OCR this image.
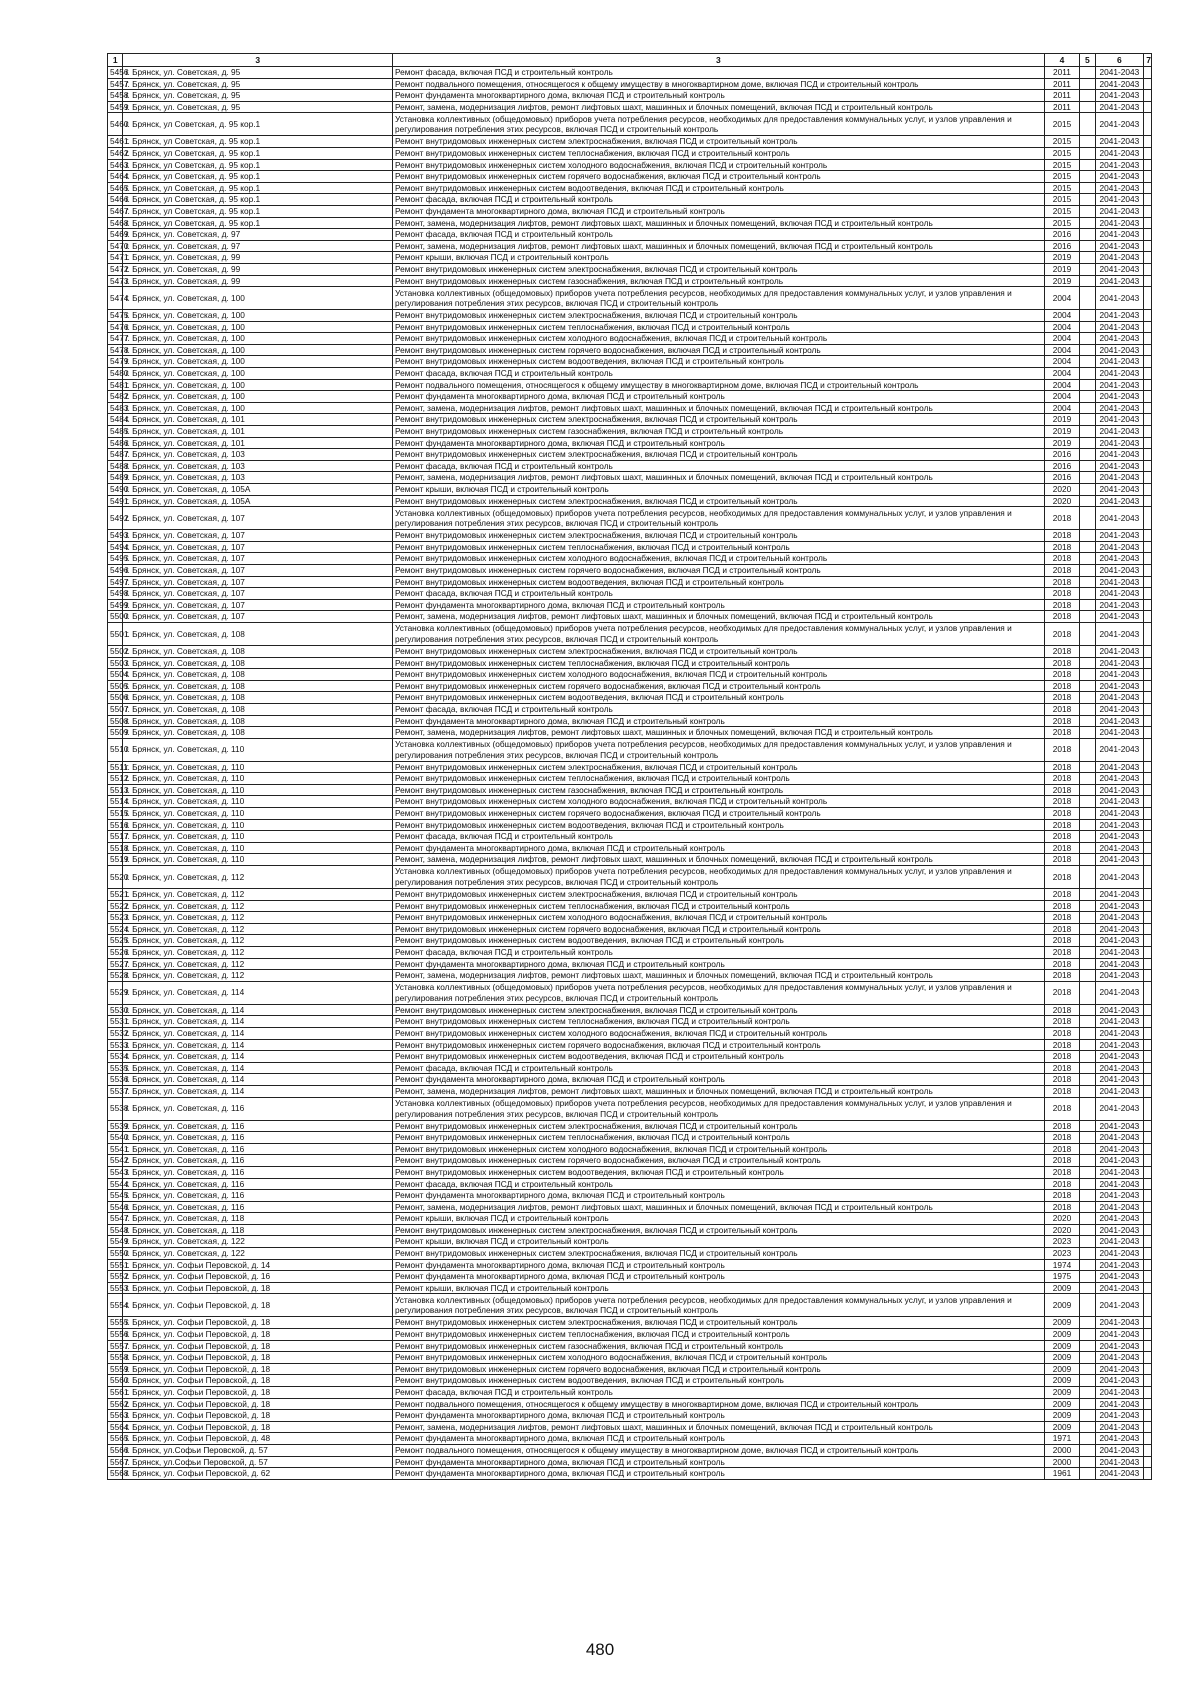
1	3	3	4	5	6	7
5456	г. Брянск, ул. Советская, д. 95	Ремонт фасада, включая ПСД и строительный контроль	2011		2041-2043	
5457	г. Брянск, ул. Советская, д. 95	Ремонт подвального помещения, относящегося к общему имуществу в многоквартирном доме, включая ПСД и строительный контроль	2011		2041-2043	
5458	г. Брянск, ул. Советская, д. 95	Ремонт фундамента многоквартирного дома, включая ПСД и строительный контроль	2011		2041-2043	
5459	г. Брянск, ул. Советская, д. 95	Ремонт, замена, модернизация лифтов, ремонт лифтовых шахт, машинных и блочных помещений, включая ПСД и строительный контроль	2011		2041-2043	
5460	г. Брянск, ул Советская, д. 95 кор.1	Установка коллективных (общедомовых) приборов учета потребления ресурсов, необходимых для предоставления коммунальных услуг, и узлов управления и регулирования потребления этих ресурсов, включая ПСД и строительный контроль	2015		2041-2043	
5461	г. Брянск, ул Советская, д. 95 кор.1	Ремонт внутридомовых инженерных систем электроснабжения, включая ПСД и строительный контроль	2015		2041-2043	
5462	г. Брянск, ул Советская, д. 95 кор.1	Ремонт внутридомовых инженерных систем теплоснабжения, включая ПСД и строительный контроль	2015		2041-2043	
5463	г. Брянск, ул Советская, д. 95 кор.1	Ремонт внутридомовых инженерных систем холодного водоснабжения, включая ПСД и строительный контроль	2015		2041-2043	
5464	г. Брянск, ул Советская, д. 95 кор.1	Ремонт внутридомовых инженерных систем горячего водоснабжения, включая ПСД и строительный контроль	2015		2041-2043	
5465	г. Брянск, ул Советская, д. 95 кор.1	Ремонт внутридомовых инженерных систем водоотведения, включая ПСД и строительный контроль	2015		2041-2043	
5466	г. Брянск, ул Советская, д. 95 кор.1	Ремонт фасада, включая ПСД и строительный контроль	2015		2041-2043	
5467	г. Брянск, ул Советская, д. 95 кор.1	Ремонт фундамента многоквартирного дома, включая ПСД и строительный контроль	2015		2041-2043	
5468	г. Брянск, ул Советская, д. 95 кор.1	Ремонт, замена, модернизация лифтов, ремонт лифтовых шахт, машинных и блочных помещений, включая ПСД и строительный контроль	2015		2041-2043	
5469	г. Брянск, ул. Советская, д. 97	Ремонт фасада, включая ПСД и строительный контроль	2016		2041-2043	
5470	г. Брянск, ул. Советская, д. 97	Ремонт, замена, модернизация лифтов, ремонт лифтовых шахт, машинных и блочных помещений, включая ПСД и строительный контроль	2016		2041-2043	
5471	г. Брянск, ул. Советская, д. 99	Ремонт крыши, включая ПСД и строительный контроль	2019		2041-2043	
5472	г. Брянск, ул. Советская, д. 99	Ремонт внутридомовых инженерных систем электроснабжения, включая ПСД и строительный контроль	2019		2041-2043	
5473	г. Брянск, ул. Советская, д. 99	Ремонт внутридомовых инженерных систем газоснабжения, включая ПСД и строительный контроль	2019		2041-2043	
5474	г. Брянск, ул. Советская, д. 100	Установка коллективных (общедомовых) приборов учета потребления ресурсов, необходимых для предоставления коммунальных услуг, и узлов управления и регулирования потребления этих ресурсов, включая ПСД и строительный контроль	2004		2041-2043	
5475	г. Брянск, ул. Советская, д. 100	Ремонт внутридомовых инженерных систем электроснабжения, включая ПСД и строительный контроль	2004		2041-2043	
5476	г. Брянск, ул. Советская, д. 100	Ремонт внутридомовых инженерных систем теплоснабжения, включая ПСД и строительный контроль	2004		2041-2043	
5477	г. Брянск, ул. Советская, д. 100	Ремонт внутридомовых инженерных систем холодного водоснабжения, включая ПСД и строительный контроль	2004		2041-2043	
5478	г. Брянск, ул. Советская, д. 100	Ремонт внутридомовых инженерных систем горячего водоснабжения, включая ПСД и строительный контроль	2004		2041-2043	
5479	г. Брянск, ул. Советская, д. 100	Ремонт внутридомовых инженерных систем водоотведения, включая ПСД и строительный контроль	2004		2041-2043	
5480	г. Брянск, ул. Советская, д. 100	Ремонт фасада, включая ПСД и строительный контроль	2004		2041-2043	
5481	г. Брянск, ул. Советская, д. 100	Ремонт подвального помещения, относящегося к общему имуществу в многоквартирном доме, включая ПСД и строительный контроль	2004		2041-2043	
5482	г. Брянск, ул. Советская, д. 100	Ремонт фундамента многоквартирного дома, включая ПСД и строительный контроль	2004		2041-2043	
5483	г. Брянск, ул. Советская, д. 100	Ремонт, замена, модернизация лифтов, ремонт лифтовых шахт, машинных и блочных помещений, включая ПСД и строительный контроль	2004		2041-2043	
5484	г. Брянск, ул. Советская, д. 101	Ремонт внутридомовых инженерных систем электроснабжения, включая ПСД и строительный контроль	2019		2041-2043	
5485	г. Брянск, ул. Советская, д. 101	Ремонт внутридомовых инженерных систем газоснабжения, включая ПСД и строительный контроль	2019		2041-2043	
5486	г. Брянск, ул. Советская, д. 101	Ремонт фундамента многоквартирного дома, включая ПСД и строительный контроль	2019		2041-2043	
5487	г. Брянск, ул. Советская, д. 103	Ремонт внутридомовых инженерных систем электроснабжения, включая ПСД и строительный контроль	2016		2041-2043	
5488	г. Брянск, ул. Советская, д. 103	Ремонт фасада, включая ПСД и строительный контроль	2016		2041-2043	
5489	г. Брянск, ул. Советская, д. 103	Ремонт, замена, модернизация лифтов, ремонт лифтовых шахт, машинных и блочных помещений, включая ПСД и строительный контроль	2016		2041-2043	
5490	г. Брянск, ул. Советская, д. 105А	Ремонт крыши, включая ПСД и строительный контроль	2020		2041-2043	
5491	г. Брянск, ул. Советская, д. 105А	Ремонт внутридомовых инженерных систем электроснабжения, включая ПСД и строительный контроль	2020		2041-2043	
5492	г. Брянск, ул. Советская, д. 107	Установка коллективных (общедомовых) приборов учета потребления ресурсов, необходимых для предоставления коммунальных услуг, и узлов управления и регулирования потребления этих ресурсов, включая ПСД и строительный контроль	2018		2041-2043	
5493	г. Брянск, ул. Советская, д. 107	Ремонт внутридомовых инженерных систем электроснабжения, включая ПСД и строительный контроль	2018		2041-2043	
5494	г. Брянск, ул. Советская, д. 107	Ремонт внутридомовых инженерных систем теплоснабжения, включая ПСД и строительный контроль	2018		2041-2043	
5495	г. Брянск, ул. Советская, д. 107	Ремонт внутридомовых инженерных систем холодного водоснабжения, включая ПСД и строительный контроль	2018		2041-2043	
5496	г. Брянск, ул. Советская, д. 107	Ремонт внутридомовых инженерных систем горячего водоснабжения, включая ПСД и строительный контроль	2018		2041-2043	
5497	г. Брянск, ул. Советская, д. 107	Ремонт внутридомовых инженерных систем водоотведения, включая ПСД и строительный контроль	2018		2041-2043	
5498	г. Брянск, ул. Советская, д. 107	Ремонт фасада, включая ПСД и строительный контроль	2018		2041-2043	
5499	г. Брянск, ул. Советская, д. 107	Ремонт фундамента многоквартирного дома, включая ПСД и строительный контроль	2018		2041-2043	
5500	г. Брянск, ул. Советская, д. 107	Ремонт, замена, модернизация лифтов, ремонт лифтовых шахт, машинных и блочных помещений, включая ПСД и строительный контроль	2018		2041-2043	
5501	г. Брянск, ул. Советская, д. 108	Установка коллективных (общедомовых) приборов учета потребления ресурсов, необходимых для предоставления коммунальных услуг, и узлов управления и регулирования потребления этих ресурсов, включая ПСД и строительный контроль	2018		2041-2043	
5502	г. Брянск, ул. Советская, д. 108	Ремонт внутридомовых инженерных систем электроснабжения, включая ПСД и строительный контроль	2018		2041-2043	
5503	г. Брянск, ул. Советская, д. 108	Ремонт внутридомовых инженерных систем теплоснабжения, включая ПСД и строительный контроль	2018		2041-2043	
5504	г. Брянск, ул. Советская, д. 108	Ремонт внутридомовых инженерных систем холодного водоснабжения, включая ПСД и строительный контроль	2018		2041-2043	
5505	г. Брянск, ул. Советская, д. 108	Ремонт внутридомовых инженерных систем горячего водоснабжения, включая ПСД и строительный контроль	2018		2041-2043	
5506	г. Брянск, ул. Советская, д. 108	Ремонт внутридомовых инженерных систем водоотведения, включая ПСД и строительный контроль	2018		2041-2043	
5507	г. Брянск, ул. Советская, д. 108	Ремонт фасада, включая ПСД и строительный контроль	2018		2041-2043	
5508	г. Брянск, ул. Советская, д. 108	Ремонт фундамента многоквартирного дома, включая ПСД и строительный контроль	2018		2041-2043	
5509	г. Брянск, ул. Советская, д. 108	Ремонт, замена, модернизация лифтов, ремонт лифтовых шахт, машинных и блочных помещений, включая ПСД и строительный контроль	2018		2041-2043	
5510	г. Брянск, ул. Советская, д. 110	Установка коллективных (общедомовых) приборов учета потребления ресурсов, необходимых для предоставления коммунальных услуг, и узлов управления и регулирования потребления этих ресурсов, включая ПСД и строительный контроль	2018		2041-2043	
5511	г. Брянск, ул. Советская, д. 110	Ремонт внутридомовых инженерных систем электроснабжения, включая ПСД и строительный контроль	2018		2041-2043	
5512	г. Брянск, ул. Советская, д. 110	Ремонт внутридомовых инженерных систем теплоснабжения, включая ПСД и строительный контроль	2018		2041-2043	
5513	г. Брянск, ул. Советская, д. 110	Ремонт внутридомовых инженерных систем газоснабжения, включая ПСД и строительный контроль	2018		2041-2043	
5514	г. Брянск, ул. Советская, д. 110	Ремонт внутридомовых инженерных систем холодного водоснабжения, включая ПСД и строительный контроль	2018		2041-2043	
5515	г. Брянск, ул. Советская, д. 110	Ремонт внутридомовых инженерных систем горячего водоснабжения, включая ПСД и строительный контроль	2018		2041-2043	
5516	г. Брянск, ул. Советская, д. 110	Ремонт внутридомовых инженерных систем водоотведения, включая ПСД и строительный контроль	2018		2041-2043	
5517	г. Брянск, ул. Советская, д. 110	Ремонт фасада, включая ПСД и строительный контроль	2018		2041-2043	
5518	г. Брянск, ул. Советская, д. 110	Ремонт фундамента многоквартирного дома, включая ПСД и строительный контроль	2018		2041-2043	
5519	г. Брянск, ул. Советская, д. 110	Ремонт, замена, модернизация лифтов, ремонт лифтовых шахт, машинных и блочных помещений, включая ПСД и строительный контроль	2018		2041-2043	
5520	г. Брянск, ул. Советская, д. 112	Установка коллективных (общедомовых) приборов учета потребления ресурсов, необходимых для предоставления коммунальных услуг, и узлов управления и регулирования потребления этих ресурсов, включая ПСД и строительный контроль	2018		2041-2043	
5521	г. Брянск, ул. Советская, д. 112	Ремонт внутридомовых инженерных систем электроснабжения, включая ПСД и строительный контроль	2018		2041-2043	
5522	г. Брянск, ул. Советская, д. 112	Ремонт внутридомовых инженерных систем теплоснабжения, включая ПСД и строительный контроль	2018		2041-2043	
5523	г. Брянск, ул. Советская, д. 112	Ремонт внутридомовых инженерных систем холодного водоснабжения, включая ПСД и строительный контроль	2018		2041-2043	
5524	г. Брянск, ул. Советская, д. 112	Ремонт внутридомовых инженерных систем горячего водоснабжения, включая ПСД и строительный контроль	2018		2041-2043	
5525	г. Брянск, ул. Советская, д. 112	Ремонт внутридомовых инженерных систем водоотведения, включая ПСД и строительный контроль	2018		2041-2043	
5526	г. Брянск, ул. Советская, д. 112	Ремонт фасада, включая ПСД и строительный контроль	2018		2041-2043	
5527	г. Брянск, ул. Советская, д. 112	Ремонт фундамента многоквартирного дома, включая ПСД и строительный контроль	2018		2041-2043	
5528	г. Брянск, ул. Советская, д. 112	Ремонт, замена, модернизация лифтов, ремонт лифтовых шахт, машинных и блочных помещений, включая ПСД и строительный контроль	2018		2041-2043	
5529	г. Брянск, ул. Советская, д. 114	Установка коллективных (общедомовых) приборов учета потребления ресурсов, необходимых для предоставления коммунальных услуг, и узлов управления и регулирования потребления этих ресурсов, включая ПСД и строительный контроль	2018		2041-2043	
5530	г. Брянск, ул. Советская, д. 114	Ремонт внутридомовых инженерных систем электроснабжения, включая ПСД и строительный контроль	2018		2041-2043	
5531	г. Брянск, ул. Советская, д. 114	Ремонт внутридомовых инженерных систем теплоснабжения, включая ПСД и строительный контроль	2018		2041-2043	
5532	г. Брянск, ул. Советская, д. 114	Ремонт внутридомовых инженерных систем холодного водоснабжения, включая ПСД и строительный контроль	2018		2041-2043	
5533	г. Брянск, ул. Советская, д. 114	Ремонт внутридомовых инженерных систем горячего водоснабжения, включая ПСД и строительный контроль	2018		2041-2043	
5534	г. Брянск, ул. Советская, д. 114	Ремонт внутридомовых инженерных систем водоотведения, включая ПСД и строительный контроль	2018		2041-2043	
5535	г. Брянск, ул. Советская, д. 114	Ремонт фасада, включая ПСД и строительный контроль	2018		2041-2043	
5536	г. Брянск, ул. Советская, д. 114	Ремонт фундамента многоквартирного дома, включая ПСД и строительный контроль	2018		2041-2043	
5537	г. Брянск, ул. Советская, д. 114	Ремонт, замена, модернизация лифтов, ремонт лифтовых шахт, машинных и блочных помещений, включая ПСД и строительный контроль	2018		2041-2043	
5538	г. Брянск, ул. Советская, д. 116	Установка коллективных (общедомовых) приборов учета потребления ресурсов, необходимых для предоставления коммунальных услуг, и узлов управления и регулирования потребления этих ресурсов, включая ПСД и строительный контроль	2018		2041-2043	
5539	г. Брянск, ул. Советская, д. 116	Ремонт внутридомовых инженерных систем электроснабжения, включая ПСД и строительный контроль	2018		2041-2043	
5540	г. Брянск, ул. Советская, д. 116	Ремонт внутридомовых инженерных систем теплоснабжения, включая ПСД и строительный контроль	2018		2041-2043	
5541	г. Брянск, ул. Советская, д. 116	Ремонт внутридомовых инженерных систем холодного водоснабжения, включая ПСД и строительный контроль	2018		2041-2043	
5542	г. Брянск, ул. Советская, д. 116	Ремонт внутридомовых инженерных систем горячего водоснабжения, включая ПСД и строительный контроль	2018		2041-2043	
5543	г. Брянск, ул. Советская, д. 116	Ремонт внутридомовых инженерных систем водоотведения, включая ПСД и строительный контроль	2018		2041-2043	
5544	г. Брянск, ул. Советская, д. 116	Ремонт фасада, включая ПСД и строительный контроль	2018		2041-2043	
5545	г. Брянск, ул. Советская, д. 116	Ремонт фундамента многоквартирного дома, включая ПСД и строительный контроль	2018		2041-2043	
5546	г. Брянск, ул. Советская, д. 116	Ремонт, замена, модернизация лифтов, ремонт лифтовых шахт, машинных и блочных помещений, включая ПСД и строительный контроль	2018		2041-2043	
5547	г. Брянск, ул. Советская, д. 118	Ремонт крыши, включая ПСД и строительный контроль	2020		2041-2043	
5548	г. Брянск, ул. Советская, д. 118	Ремонт внутридомовых инженерных систем электроснабжения, включая ПСД и строительный контроль	2020		2041-2043	
5549	г. Брянск, ул. Советская, д. 122	Ремонт крыши, включая ПСД и строительный контроль	2023		2041-2043	
5550	г. Брянск, ул. Советская, д. 122	Ремонт внутридомовых инженерных систем электроснабжения, включая ПСД и строительный контроль	2023		2041-2043	
5551	г. Брянск, ул. Софьи Перовской, д. 14	Ремонт фундамента многоквартирного дома, включая ПСД и строительный контроль	1974		2041-2043	
5552	г. Брянск, ул. Софьи Перовской, д. 16	Ремонт фундамента многоквартирного дома, включая ПСД и строительный контроль	1975		2041-2043	
5553	г. Брянск, ул. Софьи Перовской, д. 18	Ремонт крыши, включая ПСД и строительный контроль	2009		2041-2043	
5554	г. Брянск, ул. Софьи Перовской, д. 18	Установка коллективных (общедомовых) приборов учета потребления ресурсов, необходимых для предоставления коммунальных услуг, и узлов управления и регулирования потребления этих ресурсов, включая ПСД и строительный контроль	2009		2041-2043	
5555	г. Брянск, ул. Софьи Перовской, д. 18	Ремонт внутридомовых инженерных систем электроснабжения, включая ПСД и строительный контроль	2009		2041-2043	
5556	г. Брянск, ул. Софьи Перовской, д. 18	Ремонт внутридомовых инженерных систем теплоснабжения, включая ПСД и строительный контроль	2009		2041-2043	
5557	г. Брянск, ул. Софьи Перовской, д. 18	Ремонт внутридомовых инженерных систем газоснабжения, включая ПСД и строительный контроль	2009		2041-2043	
5558	г. Брянск, ул. Софьи Перовской, д. 18	Ремонт внутридомовых инженерных систем холодного водоснабжения, включая ПСД и строительный контроль	2009		2041-2043	
5559	г. Брянск, ул. Софьи Перовской, д. 18	Ремонт внутридомовых инженерных систем горячего водоснабжения, включая ПСД и строительный контроль	2009		2041-2043	
5560	г. Брянск, ул. Софьи Перовской, д. 18	Ремонт внутридомовых инженерных систем водоотведения, включая ПСД и строительный контроль	2009		2041-2043	
5561	г. Брянск, ул. Софьи Перовской, д. 18	Ремонт фасада, включая ПСД и строительный контроль	2009		2041-2043	
5562	г. Брянск, ул. Софьи Перовской, д. 18	Ремонт подвального помещения, относящегося к общему имуществу в многоквартирном доме, включая ПСД и строительный контроль	2009		2041-2043	
5563	г. Брянск, ул. Софьи Перовской, д. 18	Ремонт фундамента многоквартирного дома, включая ПСД и строительный контроль	2009		2041-2043	
5564	г. Брянск, ул. Софьи Перовской, д. 18	Ремонт, замена, модернизация лифтов, ремонт лифтовых шахт, машинных и блочных помещений, включая ПСД и строительный контроль	2009		2041-2043	
5565	г. Брянск, ул. Софьи Перовской, д. 48	Ремонт фундамента многоквартирного дома, включая ПСД и строительный контроль	1971		2041-2043	
5566	г. Брянск, ул.Софьи Перовской, д. 57	Ремонт подвального помещения, относящегося к общему имуществу в многоквартирном доме, включая ПСД и строительный контроль	2000		2041-2043	
5567	г. Брянск, ул.Софьи Перовской, д. 57	Ремонт фундамента многоквартирного дома, включая ПСД и строительный контроль	2000		2041-2043	
5568	г. Брянск, ул. Софьи Перовской, д. 62	Ремонт фундамента многоквартирного дома, включая ПСД и строительный контроль	1961		2041-2043	
480
